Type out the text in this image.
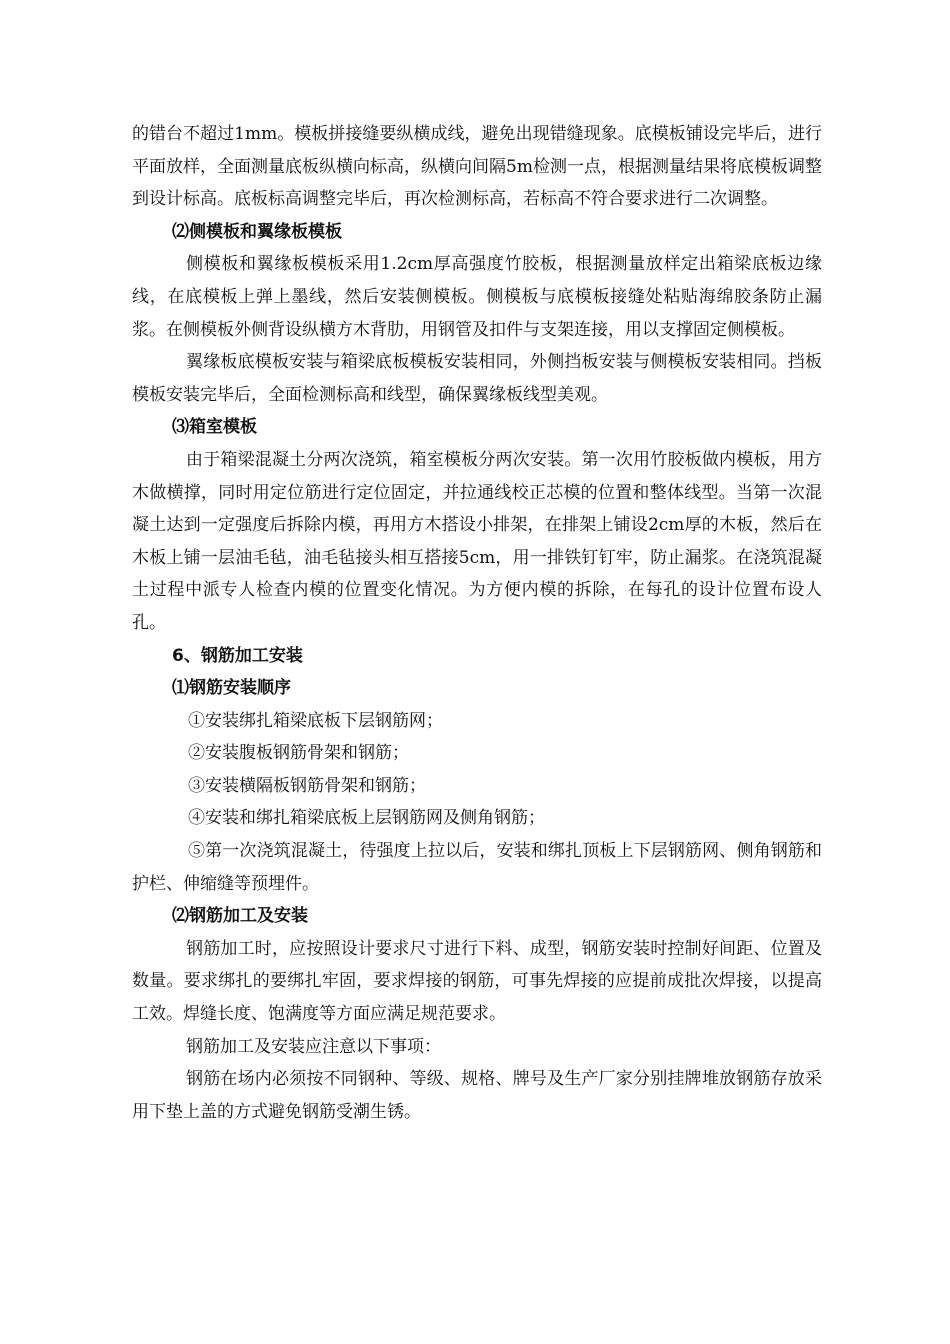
的错台不超过1mm。模板拼接缝要纵横成线，避免出现错缝现象。底模板铺设完毕后，进行平面放样，全面测量底板纵横向标高，纵横向间隔5m检测一点，根据测量结果将底模板调整到设计标高。底板标高调整完毕后，再次检测标高，若标高不符合要求进行二次调整。

⑵侧模板和翼缘板模板

侧模板和翼缘板模板采用1.2cm厚高强度竹胶板，根据测量放样定出箱梁底板边缘线，在底模板上弹上墨线，然后安装侧模板。侧模板与底模板接缝处粘贴海绵胶条防止漏浆。在侧模板外侧背设纵横方木背肋，用钢管及扣件与支架连接，用以支撑固定侧模板。

翼缘板底模板安装与箱梁底板模板安装相同，外侧挡板安装与侧模板安装相同。挡板模板安装完毕后，全面检测标高和线型，确保翼缘板线型美观。

⑶箱室模板

由于箱梁混凝土分两次浇筑，箱室模板分两次安装。第一次用竹胶板做内模板，用方木做横撑，同时用定位筋进行定位固定，并拉通线校正芯模的位置和整体线型。当第一次混凝土达到一定强度后拆除内模，再用方木搭设小排架，在排架上铺设2cm厚的木板，然后在木板上铺一层油毛毡，油毛毡接头相互搭接5cm，用一排铁钉钉牢，防止漏浆。在浇筑混凝土过程中派专人检查内模的位置变化情况。为方便内模的拆除，在每孔的设计位置布设人孔。

6、钢筋加工安装

⑴钢筋安装顺序

①安装绑扎箱梁底板下层钢筋网；

②安装腹板钢筋骨架和钢筋；

③安装横隔板钢筋骨架和钢筋；

④安装和绑扎箱梁底板上层钢筋网及侧角钢筋；

⑤第一次浇筑混凝土，待强度上拉以后，安装和绑扎顶板上下层钢筋网、侧角钢筋和护栏、伸缩缝等预埋件。

⑵钢筋加工及安装

钢筋加工时，应按照设计要求尺寸进行下料、成型，钢筋安装时控制好间距、位置及数量。要求绑扎的要绑扎牢固，要求焊接的钢筋，可事先焊接的应提前成批次焊接，以提高工效。焊缝长度、饱满度等方面应满足规范要求。

钢筋加工及安装应注意以下事项：

钢筋在场内必须按不同钢种、等级、规格、牌号及生产厂家分别挂牌堆放钢筋存放采用下垫上盖的方式避免钢筋受潮生锈。
